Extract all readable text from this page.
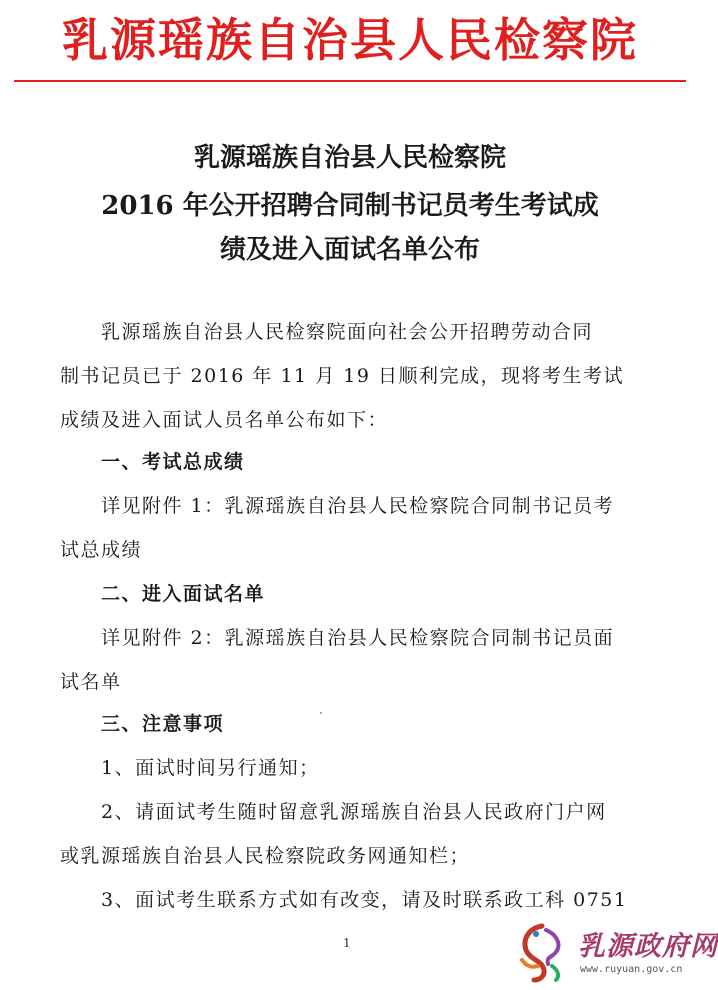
乳源瑶族自治县人民检察院
乳源瑶族自治县人民检察院
2016 年公开招聘合同制书记员考生考试成
绩及进入面试名单公布
　　乳源瑶族自治县人民检察院面向社会公开招聘劳动合同
制书记员已于 2016 年 11 月 19 日顺利完成，现将考生考试
成绩及进入面试人员名单公布如下：
　　一、考试总成绩
　　详见附件 1：乳源瑶族自治县人民检察院合同制书记员考
试总成绩
　　二、进入面试名单
　　详见附件 2：乳源瑶族自治县人民检察院合同制书记员面
试名单
　　三、注意事项
　　1、面试时间另行通知；
　　2、请面试考生随时留意乳源瑶族自治县人民政府门户网
或乳源瑶族自治县人民检察院政务网通知栏；
　　3、面试考生联系方式如有改变，请及时联系政工科 0751
1	乳源政府网
www.ruyuan.gov.cn
